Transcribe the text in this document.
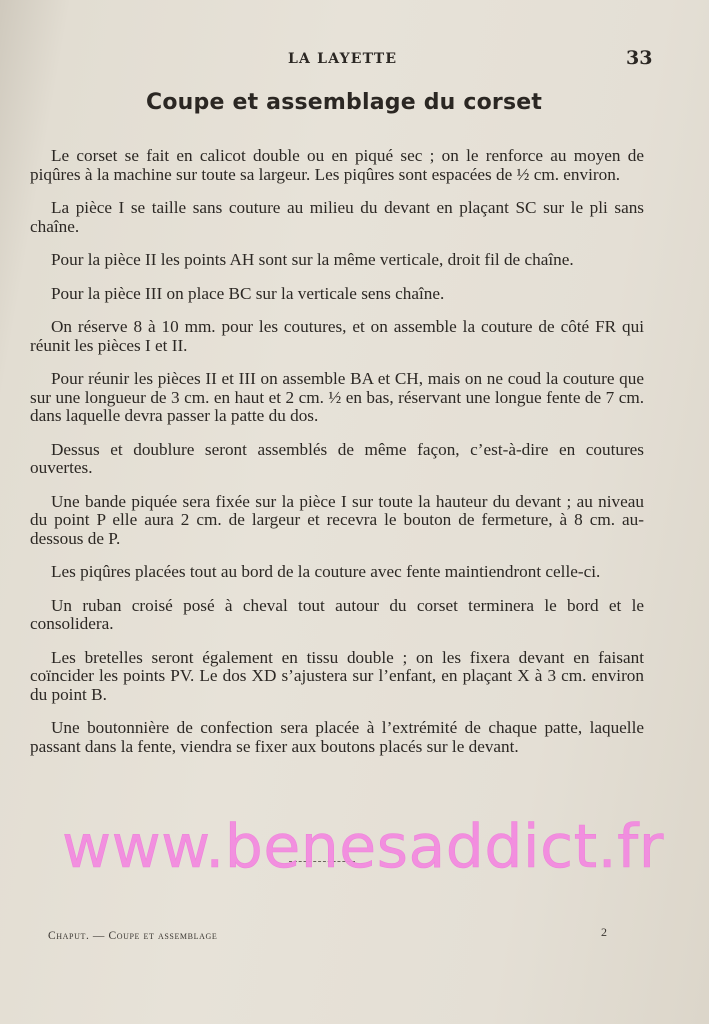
LA LAYETTE	33
Coupe et assemblage du corset

Le corset se fait en calicot double ou en piqué sec ; on le renforce au moyen de piqûres à la machine sur toute sa largeur. Les piqûres sont espacées de ½ cm. environ.

La pièce I se taille sans couture au milieu du devant en plaçant SC sur le pli sans chaîne.

Pour la pièce II les points AH sont sur la même verticale, droit fil de chaîne.

Pour la pièce III on place BC sur la verticale sens chaîne.

On réserve 8 à 10 mm. pour les coutures, et on assemble la couture de côté FR qui réunit les pièces I et II.

Pour réunir les pièces II et III on assemble BA et CH, mais on ne coud la couture que sur une longueur de 3 cm. en haut et 2 cm. ½ en bas, réservant une longue fente de 7 cm. dans laquelle devra passer la patte du dos.

Dessus et doublure seront assemblés de même façon, c’est-à-dire en coutures ouvertes.

Une bande piquée sera fixée sur la pièce I sur toute la hauteur du devant ; au niveau du point P elle aura 2 cm. de largeur et recevra le bouton de fermeture, à 8 cm. au-dessous de P.

Les piqûres placées tout au bord de la couture avec fente maintiendront celle-ci.

Un ruban croisé posé à cheval tout autour du corset terminera le bord et le consolidera.

Les bretelles seront également en tissu double ; on les fixera devant en faisant coïncider les points PV. Le dos XD s’ajustera sur l’enfant, en plaçant X à 3 cm. environ du point B.

Une boutonnière de confection sera placée à l’extrémité de chaque patte, laquelle passant dans la fente, viendra se fixer aux boutons placés sur le devant.

Chaput. — Coupe et assemblage	2
www.benesaddict.fr
